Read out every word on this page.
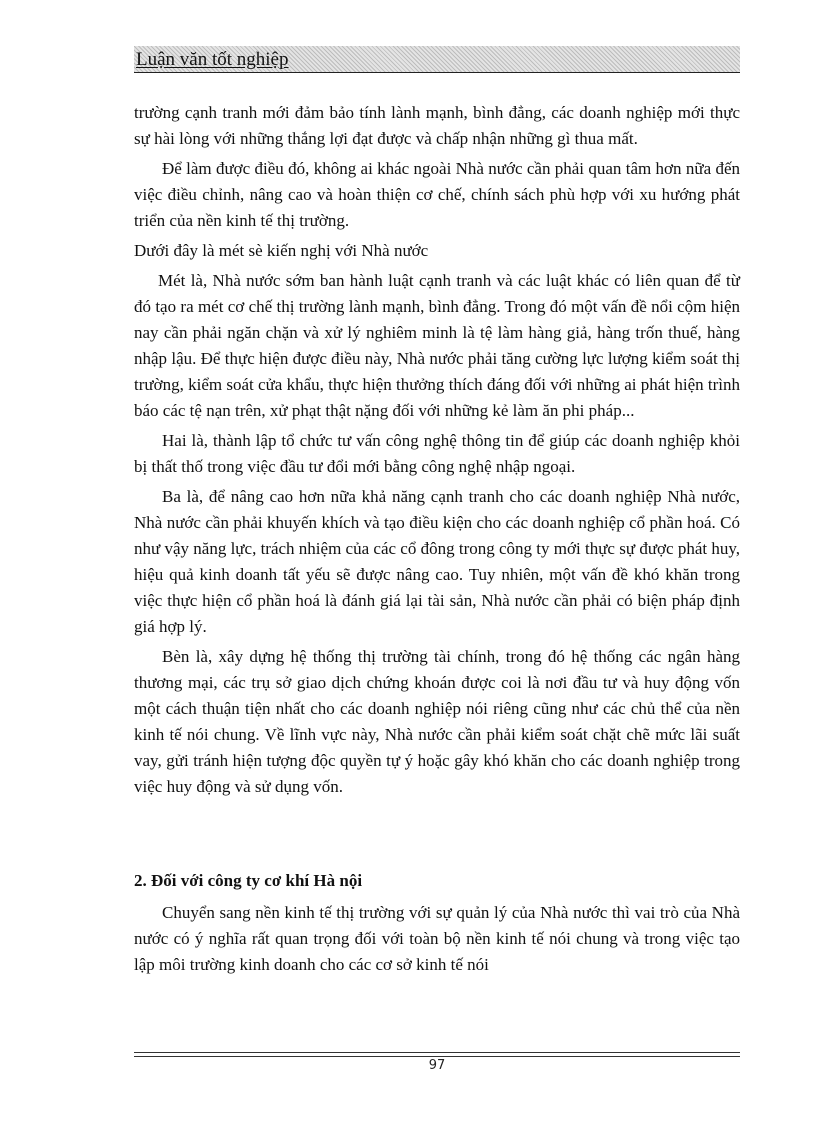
Luận văn tốt nghiệp

trường cạnh tranh mới đảm bảo tính lành mạnh, bình đẳng, các doanh nghiệp mới thực sự hài lòng với những thắng lợi đạt được và chấp nhận những gì thua mất.

Để làm được điều đó, không ai khác ngoài Nhà nước cần phải quan tâm hơn nữa đến việc điều chỉnh, nâng cao và hoàn thiện cơ chế, chính sách phù hợp với xu hướng phát triển của nền kinh tế thị trường.

Dưới đây là mét sè kiến nghị với Nhà nước

Mét là, Nhà nước sớm ban hành luật cạnh tranh và các luật khác có liên quan để từ đó tạo ra mét cơ chế thị trường lành mạnh, bình đẳng. Trong đó một vấn đề nổi cộm hiện nay cần phải ngăn chặn và xử lý nghiêm minh là tệ làm hàng giả, hàng trốn thuế, hàng nhập lậu. Để thực hiện được điều này, Nhà nước phải tăng cường lực lượng kiểm soát thị trường, kiểm soát cửa khẩu, thực hiện thưởng thích đáng đối với những ai phát hiện trình báo các tệ nạn trên, xử phạt thật nặng đối với những kẻ làm ăn phi pháp...

Hai là, thành lập tổ chức tư vấn công nghệ thông tin để giúp các doanh nghiệp khỏi bị thất thố trong việc đầu tư đổi mới bằng công nghệ nhập ngoại.

Ba là, để nâng cao hơn nữa khả năng cạnh tranh cho các doanh nghiệp Nhà nước, Nhà nước cần phải khuyến khích và tạo điều kiện cho các doanh nghiệp cổ phần hoá. Có như vậy năng lực, trách nhiệm của các cổ đông trong công ty mới thực sự được phát huy, hiệu quả kinh doanh tất yếu sẽ được nâng cao. Tuy nhiên, một vấn đề khó khăn trong việc thực hiện cổ phần hoá là đánh giá lại tài sản, Nhà nước cần phải có biện pháp định giá hợp lý.

Bèn là, xây dựng hệ thống thị trường tài chính, trong đó hệ thống các ngân hàng thương mại, các trụ sở giao dịch chứng khoán được coi là nơi đầu tư và huy động vốn một cách thuận tiện nhất cho các doanh nghiệp nói riêng cũng như các chủ thể của nền kinh tế nói chung. Về lĩnh vực này, Nhà nước cần phải kiểm soát chặt chẽ mức lãi suất vay, gửi tránh hiện tượng độc quyền tự ý hoặc gây khó khăn cho các doanh nghiệp trong việc huy động và sử dụng vốn.

2. Đối với công ty cơ khí Hà nội

Chuyển sang nền kinh tế thị trường với sự quản lý của Nhà nước thì vai trò của Nhà nước có ý nghĩa rất quan trọng đối với toàn bộ nền kinh tế nói chung và trong việc tạo lập môi trường kinh doanh cho các cơ sở kinh tế nói

97
